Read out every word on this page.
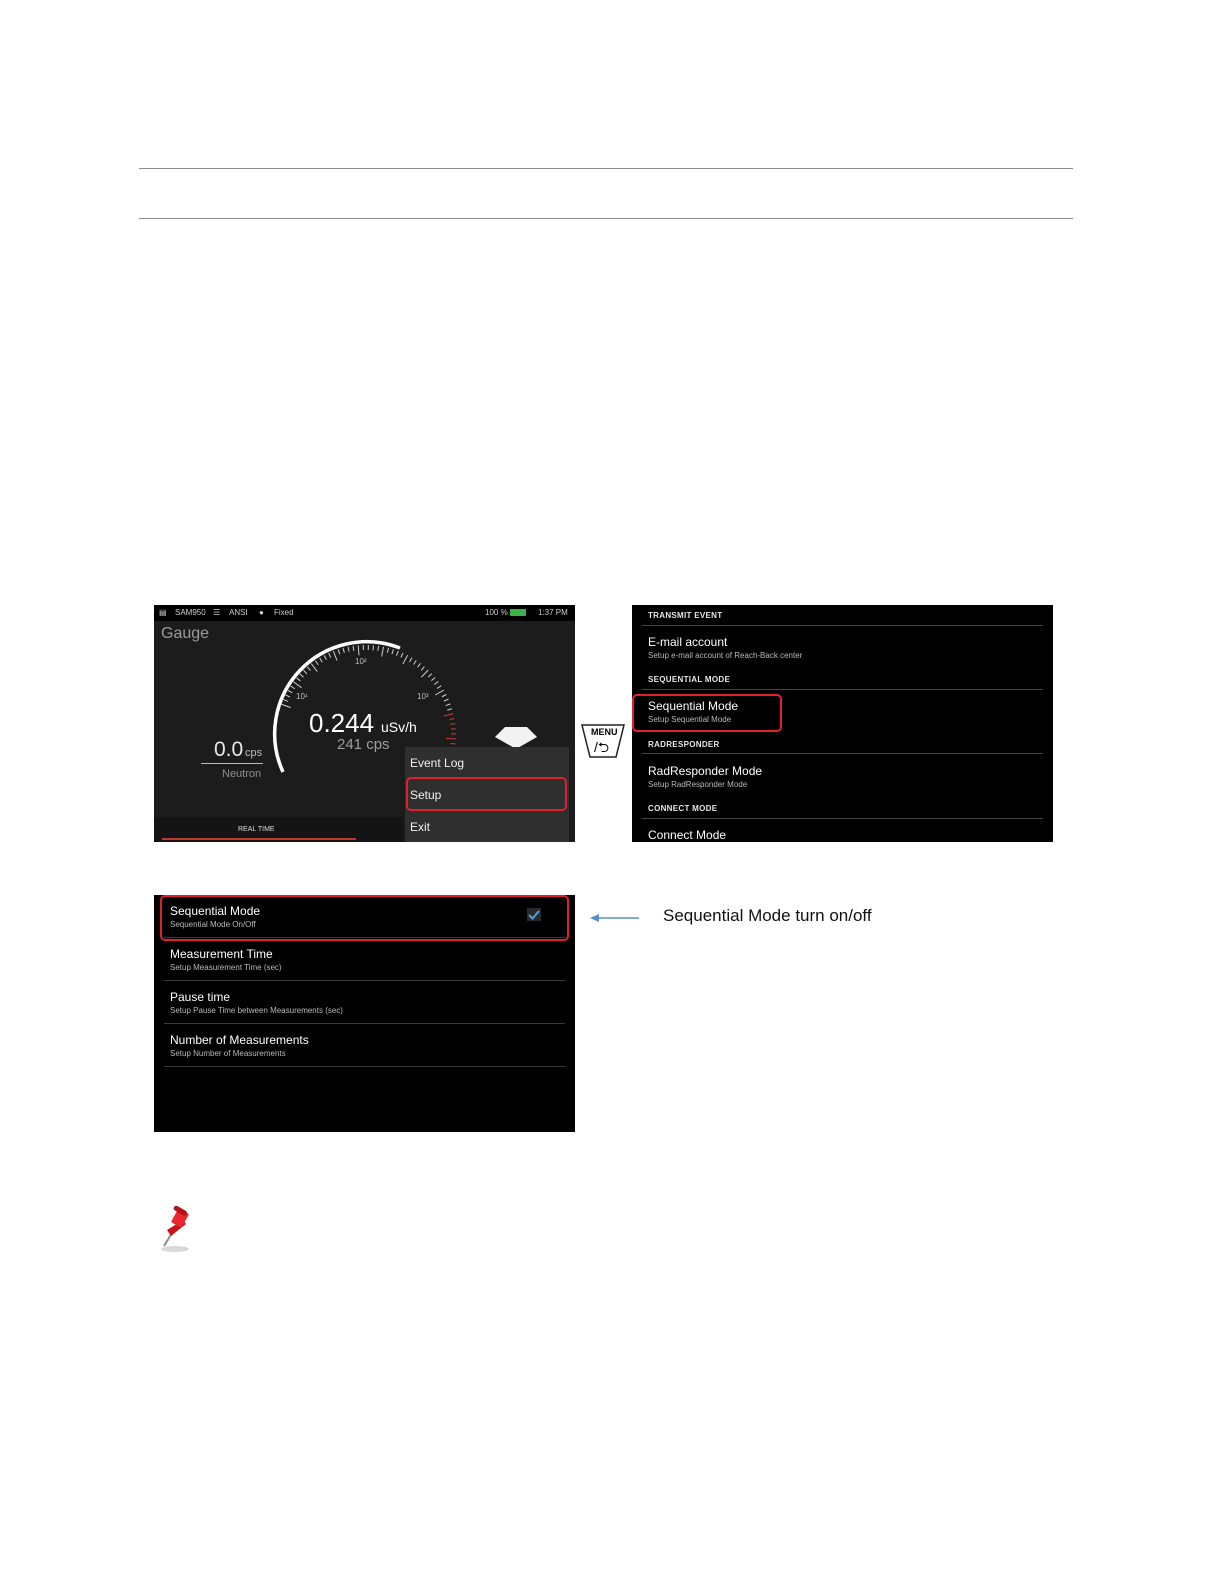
▤ SAM950 ☰ ANSI ● Fixed	100 %	1:37 PM
Gauge
10¹
10²
10³
0.244 uSv/h
241 cps
0.0 cps
Neutron
REAL TIME
Event Log
Setup
Exit
MENU
/⮌
TRANSMIT EVENT
E-mail account
Setup e-mail account of Reach-Back center
SEQUENTIAL MODE
Sequential Mode
Setup Sequential Mode
RADRESPONDER
RadResponder Mode
Setup RadResponder Mode
CONNECT MODE
Connect Mode
Sequential Mode
Sequential Mode On/Off
Measurement Time
Setup Measurement Time (sec)
Pause time
Setup Pause Time between Measurements (sec)
Number of Measurements
Setup Number of Measurements
Sequential Mode turn on/off
